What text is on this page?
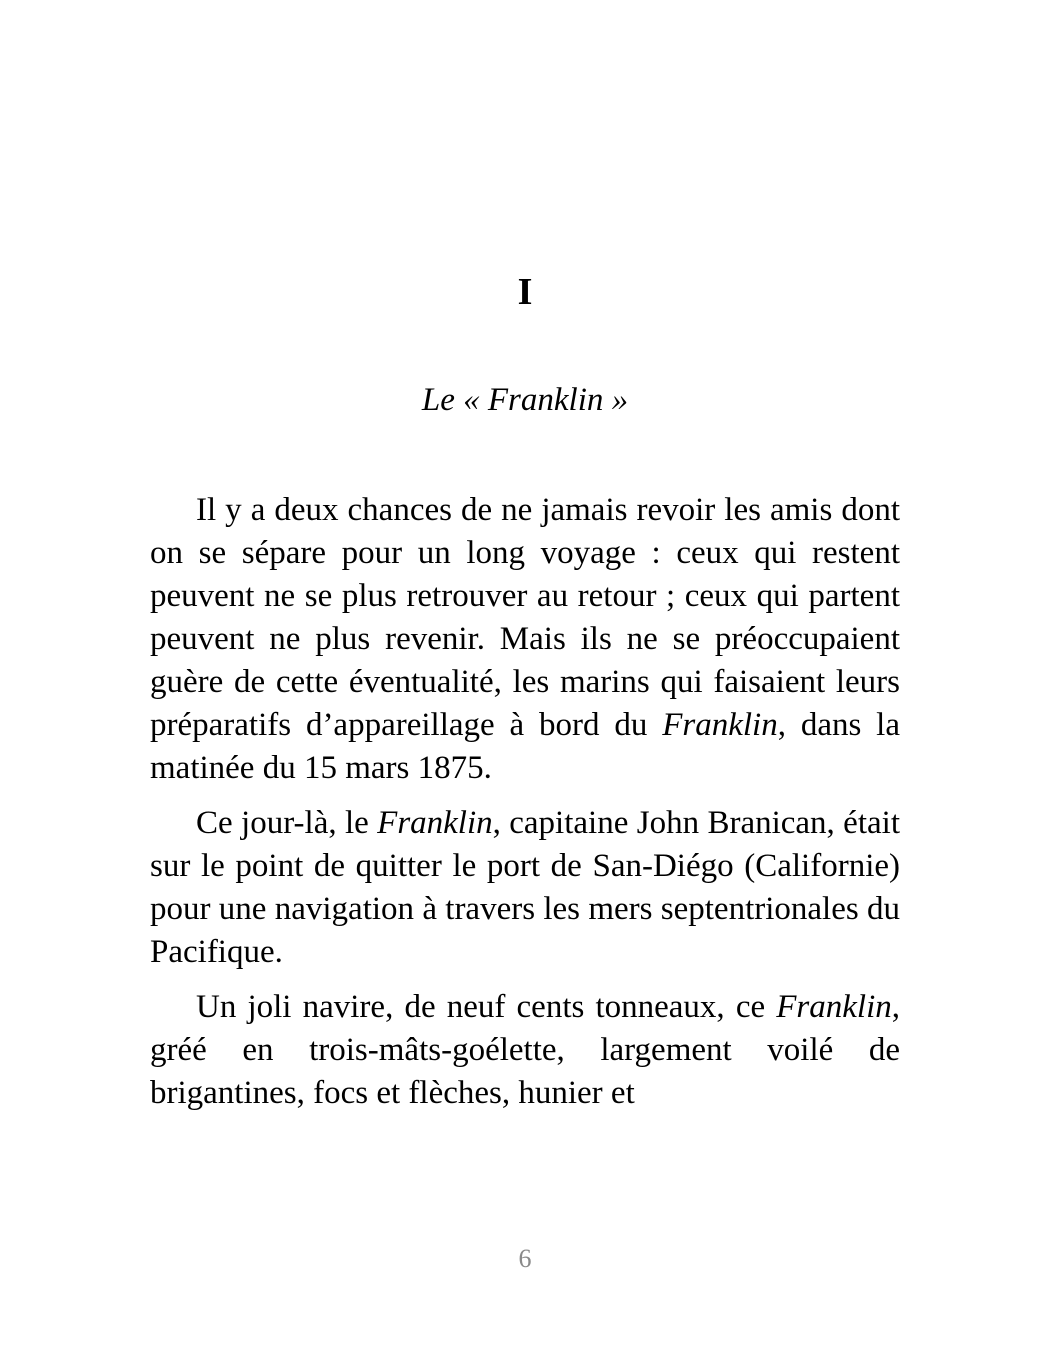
I
Le « Franklin »

Il y a deux chances de ne jamais revoir les amis dont on se sépare pour un long voyage : ceux qui restent peuvent ne se plus retrouver au retour ; ceux qui partent peuvent ne plus revenir. Mais ils ne se préoccupaient guère de cette éventualité, les marins qui faisaient leurs préparatifs d’appareillage à bord du Franklin, dans la matinée du 15 mars 1875.

Ce jour-là, le Franklin, capitaine John Branican, était sur le point de quitter le port de San-Diégo (Californie) pour une navigation à travers les mers septentrionales du Pacifique.

Un joli navire, de neuf cents tonneaux, ce Franklin, gréé en trois-mâts-goélette, largement voilé de brigantines, focs et flèches, hunier et

6
